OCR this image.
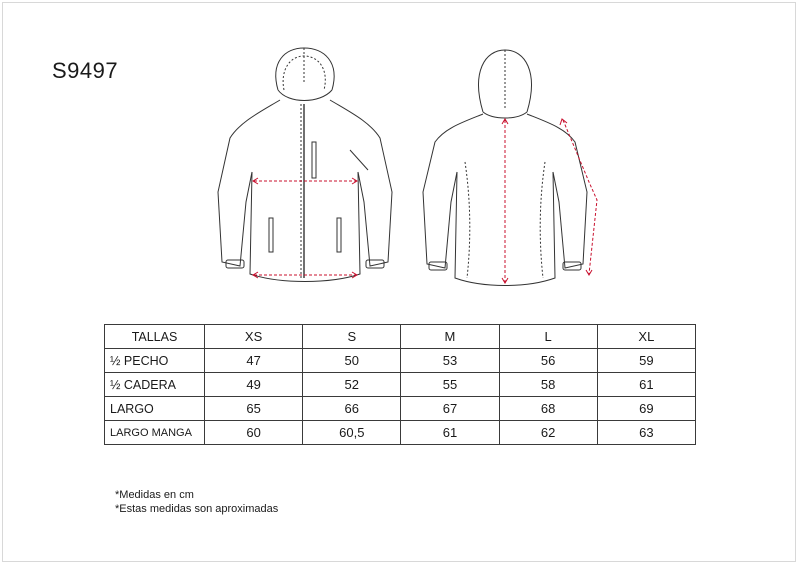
S9497
TALLAS	XS	S	M	L	XL
½ PECHO	47	50	53	56	59
½ CADERA	49	52	55	58	61
LARGO	65	66	67	68	69
LARGO MANGA	60	60,5	61	62	63
*Medidas en cm
*Estas medidas son aproximadas
